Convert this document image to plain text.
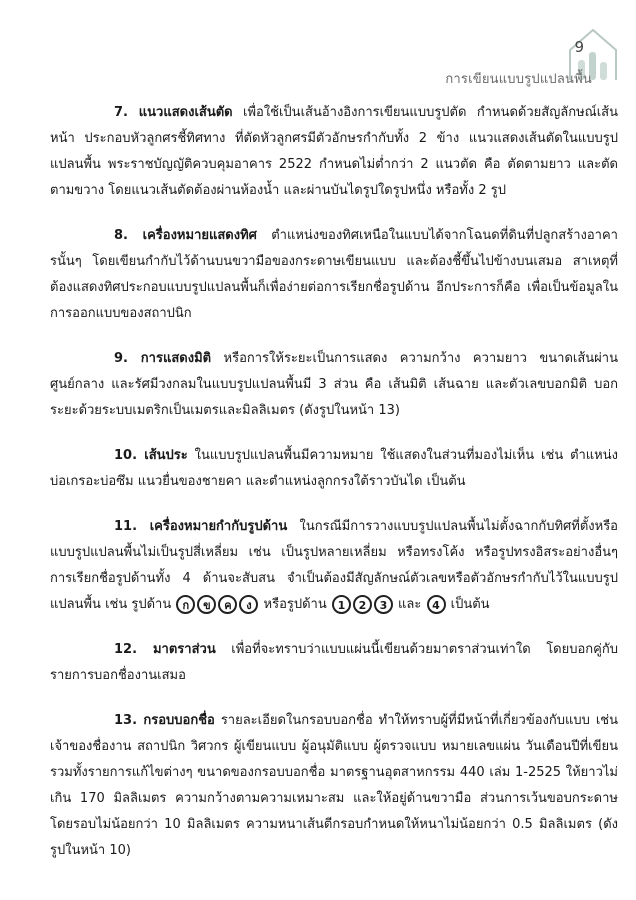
9
การเขียนแบบรูปแปลนพื้น

7. แนวแสดงเส้นตัด เพื่อใช้เป็นเส้นอ้างอิงการเขียนแบบรูปตัด กำหนดด้วยสัญลักษณ์เส้นหน้า ประกอบหัวลูกศรชี้ทิศทาง ที่ตัดหัวลูกศรมีตัวอักษรกำกับทั้ง 2 ข้าง แนวแสดงเส้นตัดในแบบรูปแปลนพื้น พระราชบัญญัติควบคุมอาคาร 2522 กำหนดไม่ต่ำกว่า 2 แนวตัด คือ ตัดตามยาว และตัดตามขวาง โดยแนวเส้นตัดต้องผ่านห้องน้ำ และผ่านบันไดรูปใดรูปหนึ่ง หรือทั้ง 2 รูป

8. เครื่องหมายแสดงทิศ ตำแหน่งของทิศเหนือในแบบได้จากโฉนดที่ดินที่ปลูกสร้างอาคารนั้นๆ โดยเขียนกำกับไว้ด้านบนขวามือของกระดาษเขียนแบบ และต้องชี้ขึ้นไปข้างบนเสมอ สาเหตุที่ต้องแสดงทิศประกอบแบบรูปแปลนพื้นก็เพื่อง่ายต่อการเรียกชื่อรูปด้าน อีกประการก็คือ เพื่อเป็นข้อมูลในการออกแบบของสถาปนิก

9. การแสดงมิติ หรือการให้ระยะเป็นการแสดง ความกว้าง ความยาว ขนาดเส้นผ่านศูนย์กลาง และรัศมีวงกลมในแบบรูปแปลนพื้นมี 3 ส่วน คือ เส้นมิติ เส้นฉาย และตัวเลขบอกมิติ บอกระยะด้วยระบบเมตริกเป็นเมตรและมิลลิเมตร (ดังรูปในหน้า 13)

10. เส้นประ ในแบบรูปแปลนพื้นมีความหมาย ใช้แสดงในส่วนที่มองไม่เห็น เช่น ตำแหน่งบ่อเกรอะบ่อซึม แนวยื่นของชายคา และตำแหน่งลูกกรงใต้ราวบันได เป็นต้น

11. เครื่องหมายกำกับรูปด้าน ในกรณีมีการวางแบบรูปแปลนพื้นไม่ตั้งฉากกับทิศที่ตั้งหรือแบบรูปแปลนพื้นไม่เป็นรูปสี่เหลี่ยม เช่น เป็นรูปหลายเหลี่ยม หรือทรงโค้ง หรือรูปทรงอิสระอย่างอื่นๆ การเรียกชื่อรูปด้านทั้ง 4 ด้านจะสับสน จำเป็นต้องมีสัญลักษณ์ตัวเลขหรือตัวอักษรกำกับไว้ในแบบรูปแปลนพื้น เช่น รูปด้าน ก ข ค ง หรือรูปด้าน 1 2 3 และ 4 เป็นต้น

12. มาตราส่วน เพื่อที่จะทราบว่าแบบแผ่นนี้เขียนด้วยมาตราส่วนเท่าใด โดยบอกคู่กับรายการบอกชื่องานเสมอ

13. กรอบบอกชื่อ รายละเอียดในกรอบบอกชื่อ ทำให้ทราบผู้ที่มีหน้าที่เกี่ยวข้องกับแบบ เช่น เจ้าของชื่องาน สถาปนิก วิศวกร ผู้เขียนแบบ ผู้อนุมัติแบบ ผู้ตรวจแบบ หมายเลขแผ่น วันเดือนปีที่เขียน รวมทั้งรายการแก้ไขต่างๆ ขนาดของกรอบบอกชื่อ มาตรฐานอุตสาหกรรม 440 เล่ม 1-2525 ให้ยาวไม่เกิน 170 มิลลิเมตร ความกว้างตามความเหมาะสม และให้อยู่ด้านขวามือ ส่วนการเว้นขอบกระดาษโดยรอบไม่น้อยกว่า 10 มิลลิเมตร ความหนาเส้นตีกรอบกำหนดให้หนาไม่น้อยกว่า 0.5 มิลลิเมตร (ดังรูปในหน้า 10)
